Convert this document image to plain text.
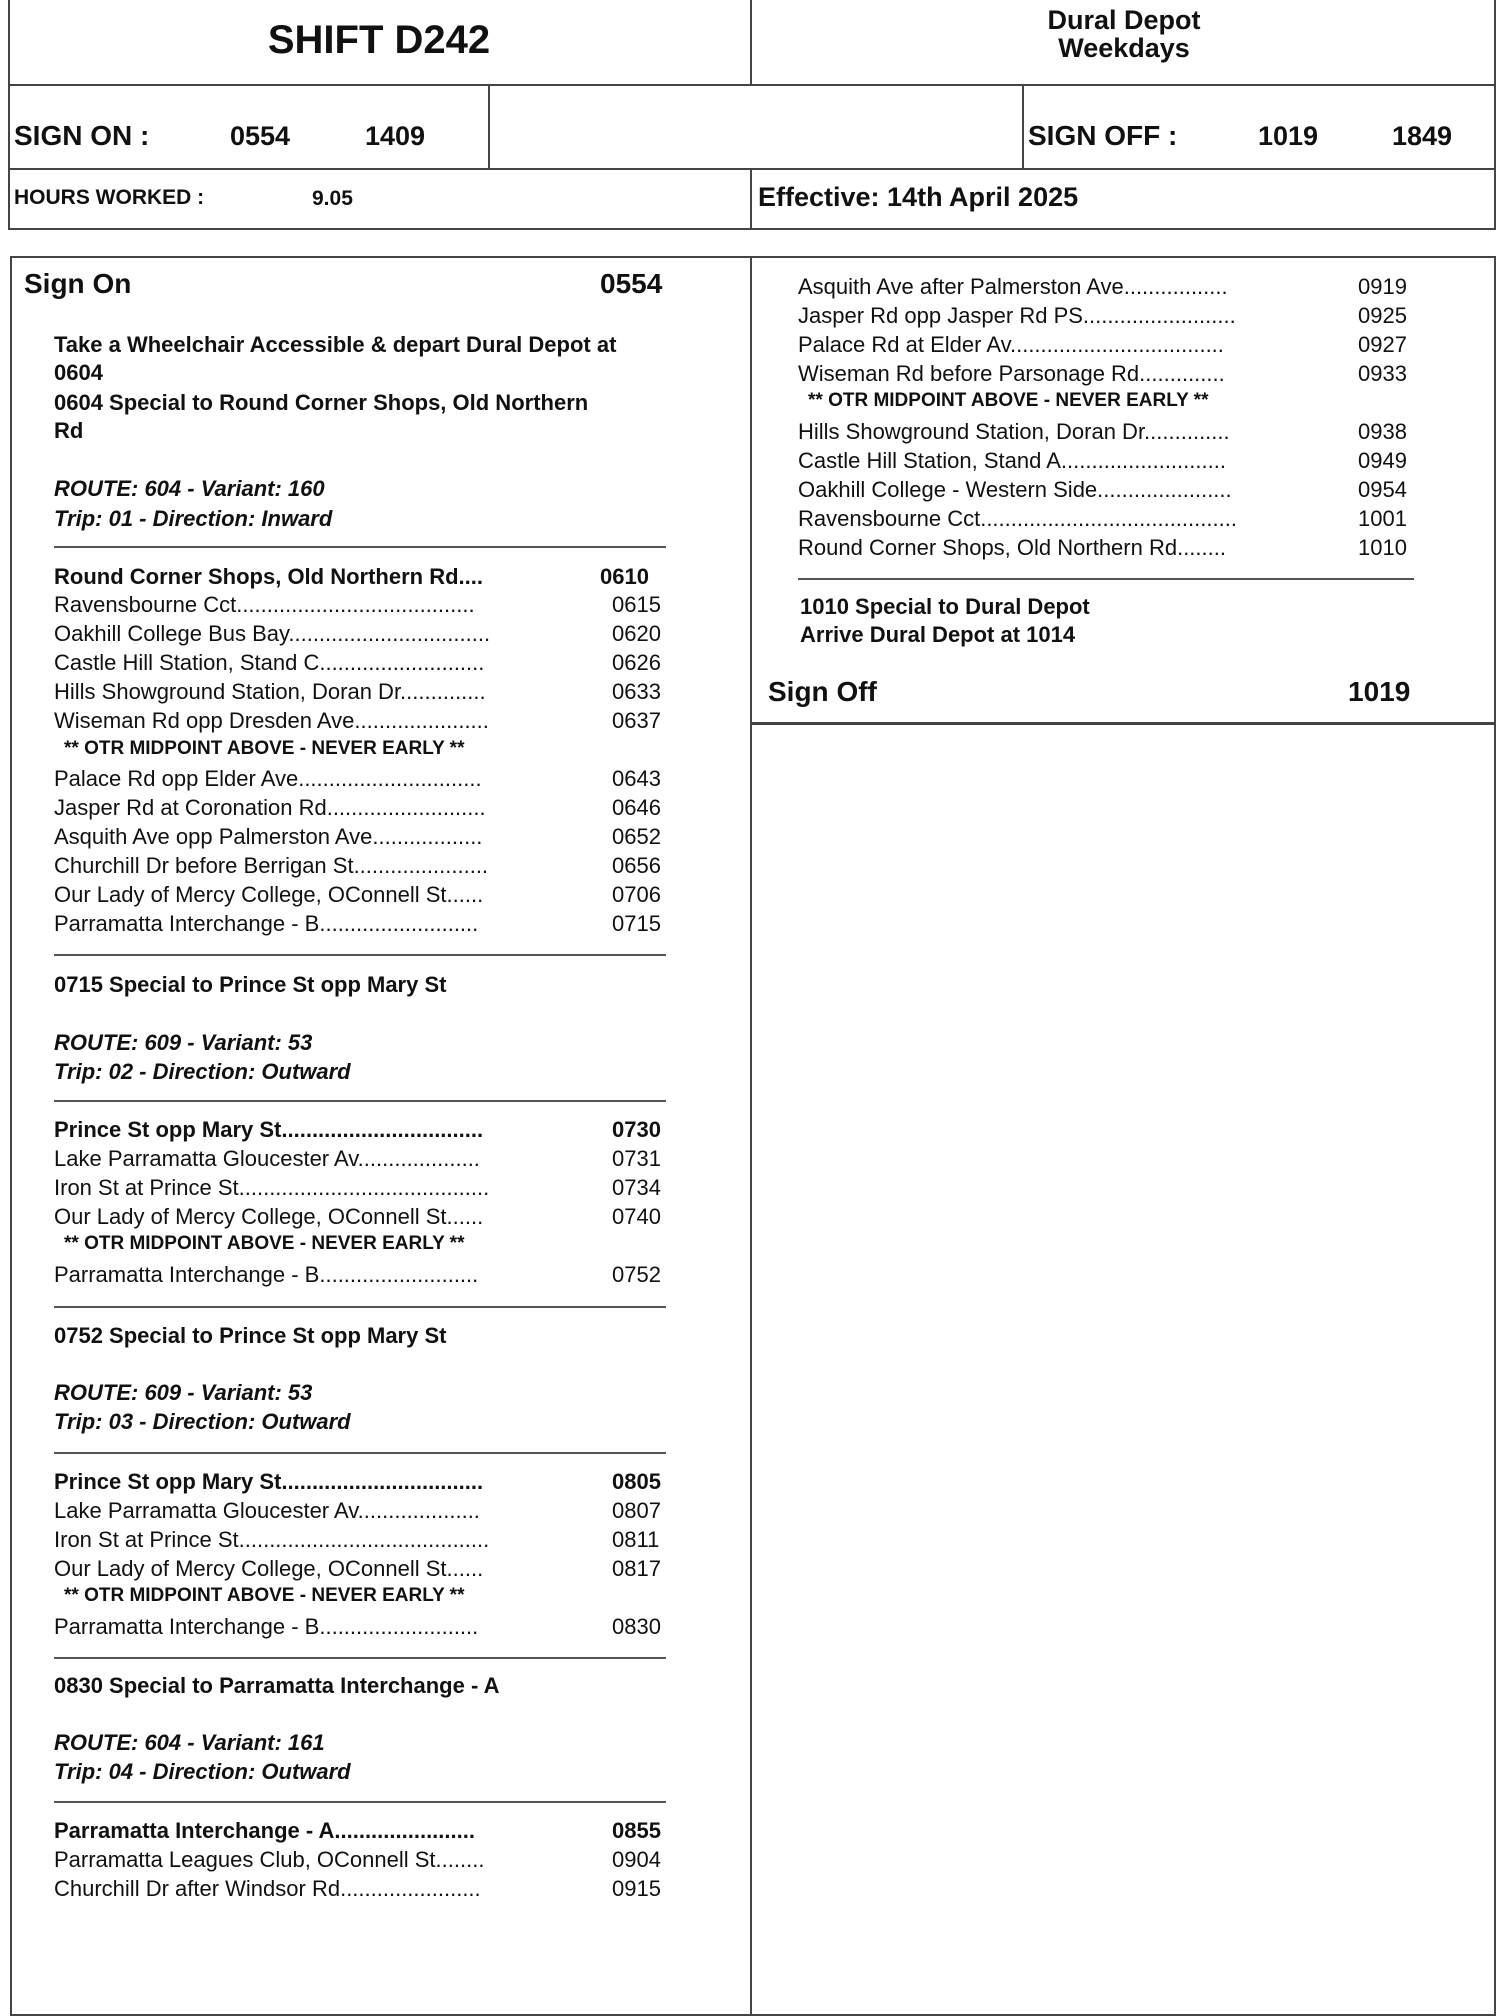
SHIFT D242	Dural Depot
Weekdays
SIGN ON :	0554	1409	SIGN OFF :	1019	1849
HOURS WORKED :	9.05	Effective: 14th April 2025
Sign On	0554
Take a Wheelchair Accessible & depart Dural Depot at
0604
0604 Special to Round Corner Shops, Old Northern
Rd
ROUTE: 604 - Variant: 160
Trip: 01 - Direction: Inward
Round Corner Shops, Old Northern Rd....	0610
Ravensbourne Cct.......................................	0615
Oakhill College Bus Bay.................................	0620
Castle Hill Station, Stand C...........................	0626
Hills Showground Station, Doran Dr..............	0633
Wiseman Rd opp Dresden Ave......................	0637
** OTR MIDPOINT ABOVE - NEVER EARLY **
Palace Rd opp Elder Ave..............................	0643
Jasper Rd at Coronation Rd..........................	0646
Asquith Ave opp Palmerston Ave..................	0652
Churchill Dr before Berrigan St......................	0656
Our Lady of Mercy College, OConnell St......	0706
Parramatta Interchange - B..........................	0715
0715 Special to Prince St opp Mary St
ROUTE: 609 - Variant: 53
Trip: 02 - Direction: Outward
Prince St opp Mary St.................................	0730
Lake Parramatta Gloucester Av....................	0731
Iron St at Prince St.........................................	0734
Our Lady of Mercy College, OConnell St......	0740
** OTR MIDPOINT ABOVE - NEVER EARLY **
Parramatta Interchange - B..........................	0752
0752 Special to Prince St opp Mary St
ROUTE: 609 - Variant: 53
Trip: 03 - Direction: Outward
Prince St opp Mary St.................................	0805
Lake Parramatta Gloucester Av....................	0807
Iron St at Prince St.........................................	0811
Our Lady of Mercy College, OConnell St......	0817
** OTR MIDPOINT ABOVE - NEVER EARLY **
Parramatta Interchange - B..........................	0830
0830 Special to Parramatta Interchange - A
ROUTE: 604 - Variant: 161
Trip: 04 - Direction: Outward
Parramatta Interchange - A.......................	0855
Parramatta Leagues Club, OConnell St........	0904
Churchill Dr after Windsor Rd.......................	0915
Asquith Ave after Palmerston Ave.................	0919
Jasper Rd opp Jasper Rd PS.........................	0925
Palace Rd at Elder Av...................................	0927
Wiseman Rd before Parsonage Rd..............	0933
** OTR MIDPOINT ABOVE - NEVER EARLY **
Hills Showground Station, Doran Dr..............	0938
Castle Hill Station, Stand A...........................	0949
Oakhill College - Western Side......................	0954
Ravensbourne Cct..........................................	1001
Round Corner Shops, Old Northern Rd........	1010
1010 Special to Dural Depot
Arrive Dural Depot at 1014
Sign Off	1019
